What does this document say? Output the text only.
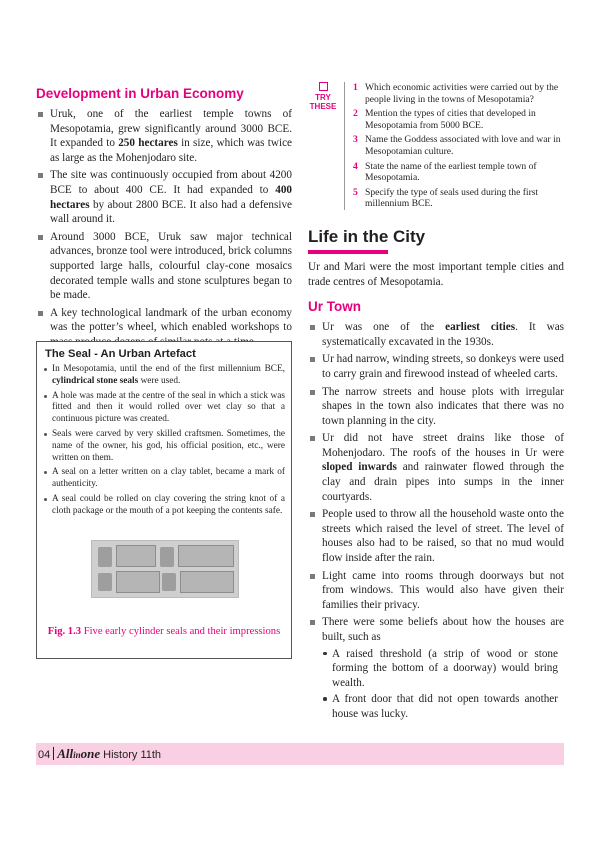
Development in Urban Economy
Uruk, one of the earliest temple towns of Mesopotamia, grew significantly around 3000 BCE. It expanded to 250 hectares in size, which was twice as large as the Mohenjodaro site.
The site was continuously occupied from about 4200 BCE to about 400 CE. It had expanded to 400 hectares by about 2800 BCE. It also had a defensive wall around it.
Around 3000 BCE, Uruk saw major technical advances, bronze tool were introduced, brick columns supported large halls, colourful clay-cone mosaics decorated temple walls and stone sculptures began to be made.
A key technological landmark of the urban economy was the potter’s wheel, which enabled workshops to
The Seal - An Urban Artefact
In Mesopotamia, until the end of the first millennium BCE, cylindrical stone seals were used.
A hole was made at the centre of the seal in which a stick was fitted and then it would rolled over wet clay so that a continuous picture was created.
Seals were carved by very skilled craftsmen. Sometimes, the name of the owner, his god, his official position, etc., were written on them.
A seal on a letter written on a clay tablet, became a mark of authenticity.
A seal could be rolled on clay covering the string knot of a cloth package or the mouth of a pot keeping the contents safe.
Fig. 1.3 Five early cylinder seals and their impressions
TRY THESE
1 Which economic activities were carried out by the people living in the towns of Mesopotamia?
2 Mention the types of cities that developed in Mesopotamia from 5000 BCE.
3 Name the Goddess associated with love and war in Mesopotamian culture.
4 State the name of the earliest temple town of Mesopotamia.
5 Specify the type of seals used during the first millennium BCE.
Life in the City

Ur and Mari were the most important temple cities and trade centres of Mesopotamia.

Ur Town
Ur was one of the earliest cities. It was systematically excavated in the 1930s.
Ur had narrow, winding streets, so donkeys were used to carry grain and firewood instead of wheeled carts.
The narrow streets and house plots with irregular shapes in the town also indicates that there was no town planning in the city.
Ur did not have street drains like those of Mohenjodaro. The roofs of the houses in Ur were sloped inwards and rainwater flowed through the clay and drain pipes into sumps in the inner courtyards.
People used to throw all the household waste onto the streets which raised the level of street. The level of houses also had to be raised, so that no mud would flow inside after the rain.
Light came into rooms through doorways but not from windows. This would also have given their families their privacy.
There were some beliefs about how the houses are built, such as
A raised threshold (a strip of wood or stone forming the bottom of a doorway) would bring wealth.
A front door that did not open towards another house was lucky.
04 Allinone History 11th
